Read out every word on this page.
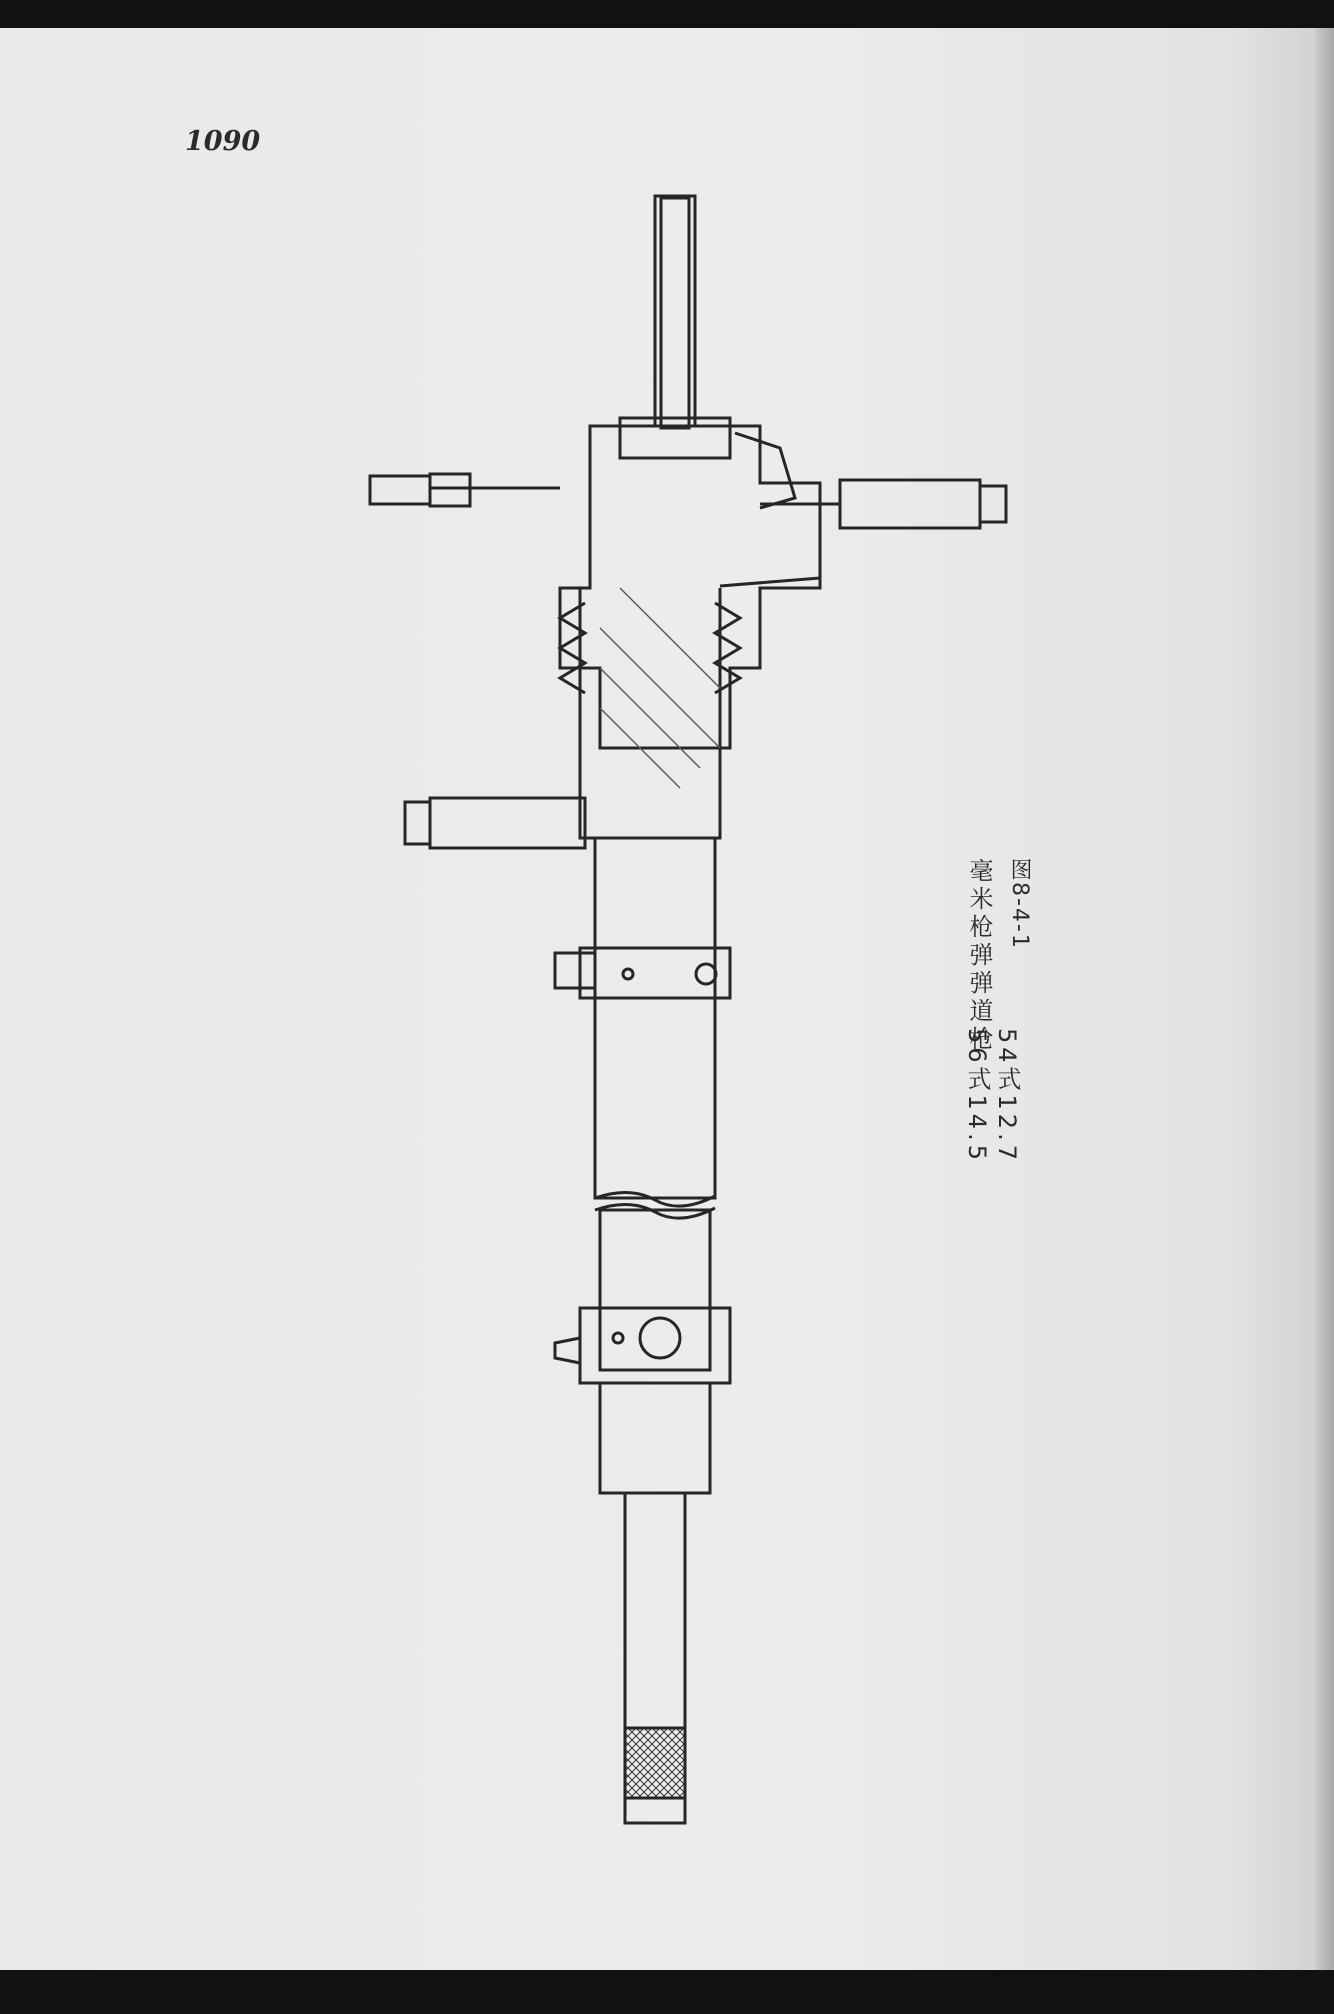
1090
图8-4-1
56式14.5 54式12.7
毫米枪弹弹道枪
